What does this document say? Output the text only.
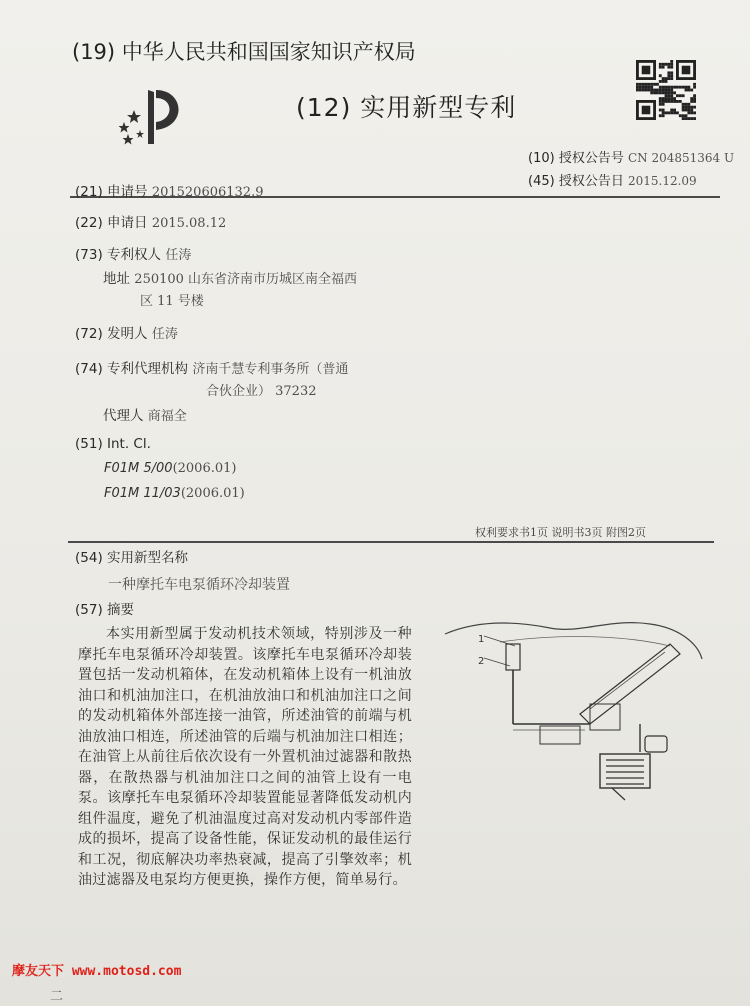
(19) 中华人民共和国国家知识产权局
(12) 实用新型专利
(10) 授权公告号 CN 204851364 U
(45) 授权公告日 2015.12.09
(21) 申请号 201520606132.9
(22) 申请日 2015.08.12
(73) 专利权人 任涛
地址 250100 山东省济南市历城区南全福西
区 11 号楼
(72) 发明人 任涛
(74) 专利代理机构 济南千慧专利事务所（普通
合伙企业） 37232
代理人 商福全
(51) Int. Cl.
F01M 5/00(2006.01)
F01M 11/03(2006.01)
权利要求书1页 说明书3页 附图2页
(54) 实用新型名称
一种摩托车电泵循环冷却装置
(57) 摘要
本实用新型属于发动机技术领域，特别涉及一种摩托车电泵循环冷却装置。该摩托车电泵循环冷却装置包括一发动机箱体，在发动机箱体上设有一机油放油口和机油加注口，在机油放油口和机油加注口之间的发动机箱体外部连接一油管，所述油管的前端与机油放油口相连，所述油管的后端与机油加注口相连；在油管上从前往后依次设有一外置机油过滤器和散热器，在散热器与机油加注口之间的油管上设有一电泵。该摩托车电泵循环冷却装置能显著降低发动机内组件温度，避免了机油温度过高对发动机内零部件造成的损坏，提高了设备性能，保证发动机的最佳运行和工况，彻底解决功率热衰减，提高了引擎效率；机油过滤器及电泵均方便更换，操作方便，简单易行。
1
2
摩友天下 www.motosd.com
二
